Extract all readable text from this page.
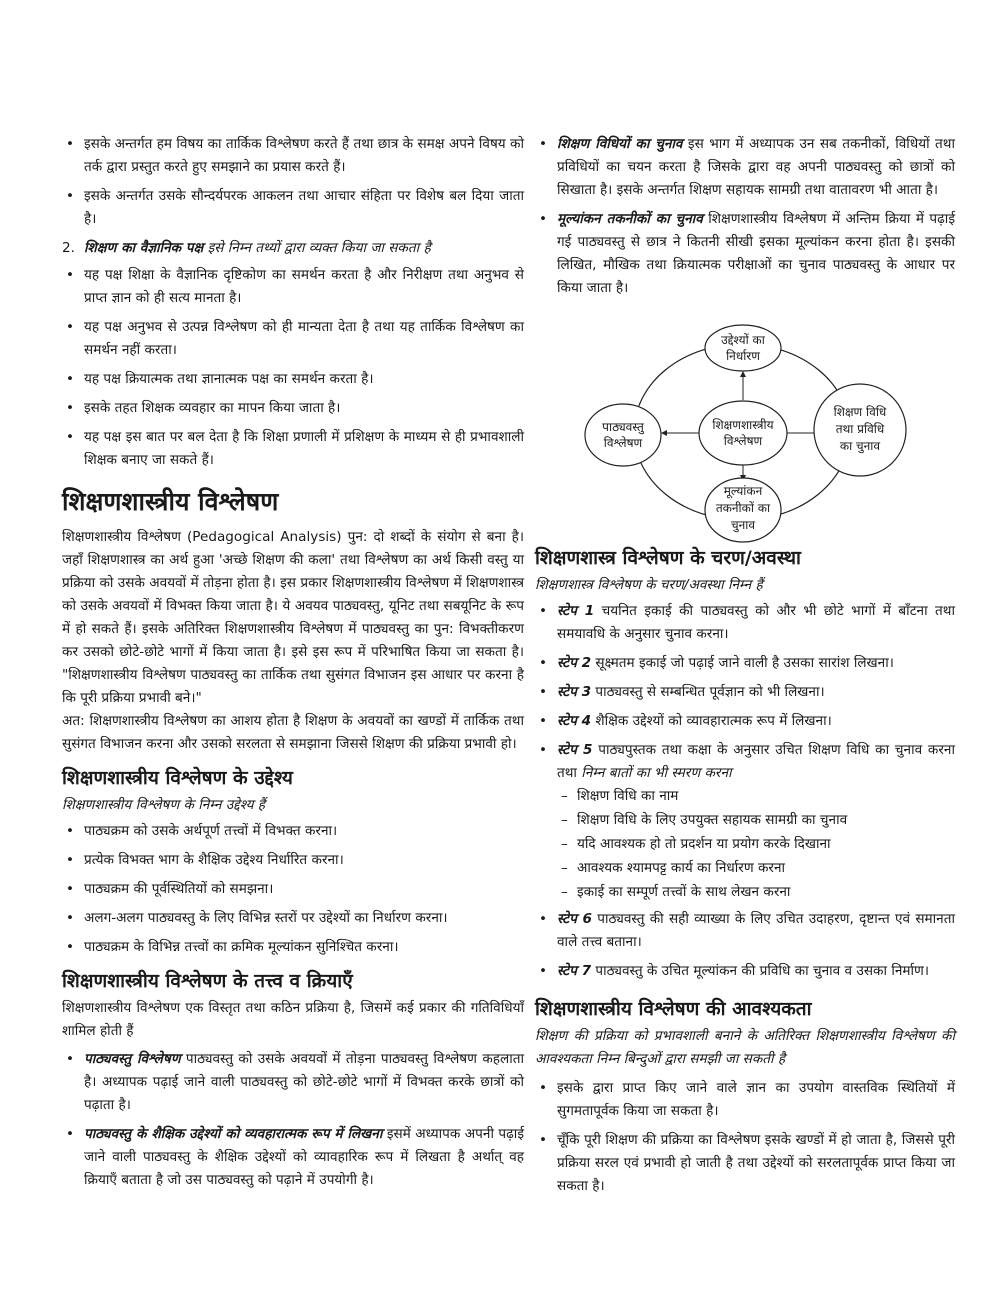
• इसके अन्तर्गत हम विषय का तार्किक विश्लेषण करते हैं तथा छात्र के समक्ष अपने विषय को तर्क द्वारा प्रस्तुत करते हुए समझाने का प्रयास करते हैं।
• इसके अन्तर्गत उसके सौन्दर्यपरक आकलन तथा आचार संहिता पर विशेष बल दिया जाता है।

2. शिक्षण का वैज्ञानिक पक्ष इसे निम्न तथ्यों द्वारा व्यक्त किया जा सकता है

• यह पक्ष शिक्षा के वैज्ञानिक दृष्टिकोण का समर्थन करता है और निरीक्षण तथा अनुभव से प्राप्त ज्ञान को ही सत्य मानता है।
• यह पक्ष अनुभव से उत्पन्न विश्लेषण को ही मान्यता देता है तथा यह तार्किक विश्लेषण का समर्थन नहीं करता।
• यह पक्ष क्रियात्मक तथा ज्ञानात्मक पक्ष का समर्थन करता है।
• इसके तहत शिक्षक व्यवहार का मापन किया जाता है।
• यह पक्ष इस बात पर बल देता है कि शिक्षा प्रणाली में प्रशिक्षण के माध्यम से ही प्रभावशाली शिक्षक बनाए जा सकते हैं।
शिक्षणशास्त्रीय विश्लेषण

शिक्षणशास्त्रीय विश्लेषण (Pedagogical Analysis) पुन: दो शब्दों के संयोग से बना है। जहाँ शिक्षणशास्त्र का अर्थ हुआ 'अच्छे शिक्षण की कला' तथा विश्लेषण का अर्थ किसी वस्तु या प्रक्रिया को उसके अवयवों में तोड़ना होता है। इस प्रकार शिक्षणशास्त्रीय विश्लेषण में शिक्षणशास्त्र को उसके अवयवों में विभक्त किया जाता है। ये अवयव पाठ्यवस्तु, यूनिट तथा सबयूनिट के रूप में हो सकते हैं। इसके अतिरिक्त शिक्षणशास्त्रीय विश्लेषण में पाठ्यवस्तु का पुन: विभक्तीकरण कर उसको छोटे-छोटे भागों में किया जाता है। इसे इस रूप में परिभाषित किया जा सकता है। "शिक्षणशास्त्रीय विश्लेषण पाठ्यवस्तु का तार्किक तथा सुसंगत विभाजन इस आधार पर करना है कि पूरी प्रक्रिया प्रभावी बने।"

अत: शिक्षणशास्त्रीय विश्लेषण का आशय होता है शिक्षण के अवयवों का खण्डों में तार्किक तथा सुसंगत विभाजन करना और उसको सरलता से समझाना जिससे शिक्षण की प्रक्रिया प्रभावी हो।

शिक्षणशास्त्रीय विश्लेषण के उद्देश्य

शिक्षणशास्त्रीय विश्लेषण के निम्न उद्देश्य हैं

• पाठ्यक्रम को उसके अर्थपूर्ण तत्त्वों में विभक्त करना।
• प्रत्येक विभक्त भाग के शैक्षिक उद्देश्य निर्धारित करना।
• पाठ्यक्रम की पूर्वस्थितियों को समझना।
• अलग-अलग पाठ्यवस्तु के लिए विभिन्न स्तरों पर उद्देश्यों का निर्धारण करना।
• पाठ्यक्रम के विभिन्न तत्त्वों का क्रमिक मूल्यांकन सुनिश्चित करना।
शिक्षणशास्त्रीय विश्लेषण के तत्त्व व क्रियाएँ

शिक्षणशास्त्रीय विश्लेषण एक विस्तृत तथा कठिन प्रक्रिया है, जिसमें कई प्रकार की गतिविधियाँ शामिल होती हैं

• पाठ्यवस्तु विश्लेषण पाठ्यवस्तु को उसके अवयवों में तोड़ना पाठ्यवस्तु विश्लेषण कहलाता है। अध्यापक पढ़ाई जाने वाली पाठ्यवस्तु को छोटे-छोटे भागों में विभक्त करके छात्रों को पढ़ाता है।
• पाठ्यवस्तु के शैक्षिक उद्देश्यों को व्यवहारात्मक रूप में लिखना इसमें अध्यापक अपनी पढ़ाई जाने वाली पाठ्यवस्तु के शैक्षिक उद्देश्यों को व्यावहारिक रूप में लिखता है अर्थात् वह क्रियाएँ बताता है जो उस पाठ्यवस्तु को पढ़ाने में उपयोगी है।
• शिक्षण विधियों का चुनाव इस भाग में अध्यापक उन सब तकनीकों, विधियों तथा प्रविधियों का चयन करता है जिसके द्वारा वह अपनी पाठ्यवस्तु को छात्रों को सिखाता है। इसके अन्तर्गत शिक्षण सहायक सामग्री तथा वातावरण भी आता है।
• मूल्यांकन तकनीकों का चुनाव शिक्षणशास्त्रीय विश्लेषण में अन्तिम क्रिया में पढ़ाई गई पाठ्यवस्तु से छात्र ने कितनी सीखी इसका मूल्यांकन करना होता है। इसकी लिखित, मौखिक तथा क्रियात्मक परीक्षाओं का चुनाव पाठ्यवस्तु के आधार पर किया जाता है।
शिक्षणशास्त्र विश्लेषण के चरण/अवस्था

शिक्षणशास्त्र विश्लेषण के चरण/अवस्था निम्न हैं

• स्टेप 1 चयनित इकाई की पाठ्यवस्तु को और भी छोटे भागों में बाँटना तथा समयावधि के अनुसार चुनाव करना।
• स्टेप 2 सूक्ष्मतम इकाई जो पढ़ाई जाने वाली है उसका सारांश लिखना।
• स्टेप 3 पाठ्यवस्तु से सम्बन्धित पूर्वज्ञान को भी लिखना।
• स्टेप 4 शैक्षिक उद्देश्यों को व्यावहारात्मक रूप में लिखना।
• स्टेप 5 पाठ्यपुस्तक तथा कक्षा के अनुसार उचित शिक्षण विधि का चुनाव करना तथा निम्न बातों का भी स्मरण करना
– शिक्षण विधि का नाम
– शिक्षण विधि के लिए उपयुक्त सहायक सामग्री का चुनाव
– यदि आवश्यक हो तो प्रदर्शन या प्रयोग करके दिखाना
– आवश्यक श्यामपट्ट कार्य का निर्धारण करना
– इकाई का सम्पूर्ण तत्त्वों के साथ लेखन करना
• स्टेप 6 पाठ्यवस्तु की सही व्याख्या के लिए उचित उदाहरण, दृष्टान्त एवं समानता वाले तत्त्व बताना।
• स्टेप 7 पाठ्यवस्तु के उचित मूल्यांकन की प्रविधि का चुनाव व उसका निर्माण।
शिक्षणशास्त्रीय विश्लेषण की आवश्यकता

शिक्षण की प्रक्रिया को प्रभावशाली बनाने के अतिरिक्त शिक्षणशास्त्रीय विश्लेषण की आवश्यकता निम्न बिन्दुओं द्वारा समझी जा सकती है

• इसके द्वारा प्राप्त किए जाने वाले ज्ञान का उपयोग वास्तविक स्थितियों में सुगमतापूर्वक किया जा सकता है।
• चूँकि पूरी शिक्षण की प्रक्रिया का विश्लेषण इसके खण्डों में हो जाता है, जिससे पूरी प्रक्रिया सरल एवं प्रभावी हो जाती है तथा उद्देश्यों को सरलतापूर्वक प्राप्त किया जा सकता है।
उद्देश्यों का
निर्धारण
शिक्षणशास्त्रीय
विश्लेषण
पाठ्यवस्तु
विश्लेषण
शिक्षण विधि
तथा प्रविधि
का चुनाव
मूल्यांकन
तकनीकों का
चुनाव
